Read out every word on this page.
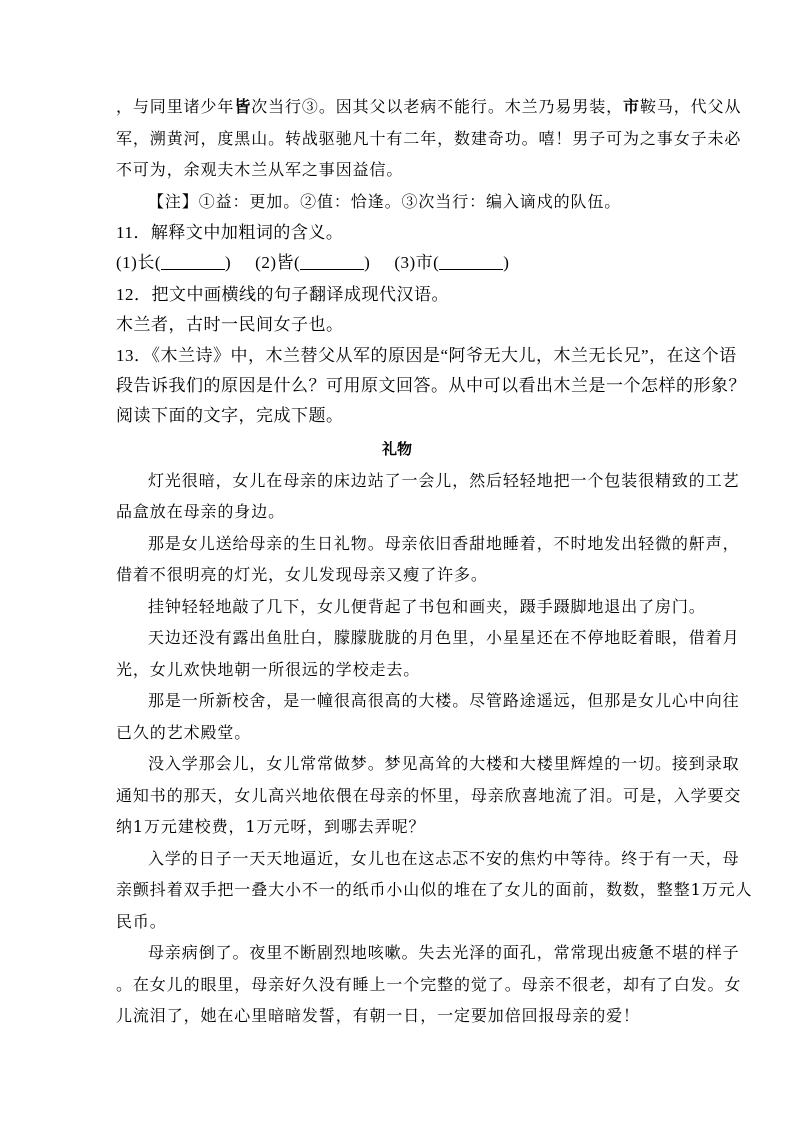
，与同里诸少年皆次当行③。因其父以老病不能行。木兰乃易男装，市鞍马，代父从
军，溯黄河，度黑山。转战驱驰凡十有二年，数建奇功。嘻！男子可为之事女子未必
不可为，余观夫木兰从军之事因益信。
【注】①益：更加。②值：恰逢。③次当行：编入谪戍的队伍。
11．解释文中加粗词的含义。
(1)长(	) (2)皆(	) (3)市(	)
12．把文中画横线的句子翻译成现代汉语。
木兰者，古时一民间女子也。
13．《木兰诗》中，木兰替父从军的原因是“阿爷无大儿，木兰无长兄”，在这个语
段告诉我们的原因是什么？可用原文回答。从中可以看出木兰是一个怎样的形象？
阅读下面的文字，完成下题。
礼物
灯光很暗，女儿在母亲的床边站了一会儿，然后轻轻地把一个包装很精致的工艺
品盒放在母亲的身边。
那是女儿送给母亲的生日礼物。母亲依旧香甜地睡着，不时地发出轻微的鼾声，
借着不很明亮的灯光，女儿发现母亲又瘦了许多。
挂钟轻轻地敲了几下，女儿便背起了书包和画夹，蹑手蹑脚地退出了房门。
天边还没有露出鱼肚白，朦朦胧胧的月色里，小星星还在不停地眨着眼，借着月
光，女儿欢快地朝一所很远的学校走去。
那是一所新校舍，是一幢很高很高的大楼。尽管路途遥远，但那是女儿心中向往
已久的艺术殿堂。
没入学那会儿，女儿常常做梦。梦见高耸的大楼和大楼里辉煌的一切。接到录取
通知书的那天，女儿高兴地依偎在母亲的怀里，母亲欣喜地流了泪。可是，入学要交
纳1万元建校费，1万元呀，到哪去弄呢？
入学的日子一天天地逼近，女儿也在这忐忑不安的焦灼中等待。终于有一天，母
亲颤抖着双手把一叠大小不一的纸币小山似的堆在了女儿的面前，数数，整整1万元人
民币。
母亲病倒了。夜里不断剧烈地咳嗽。失去光泽的面孔，常常现出疲惫不堪的样子
。在女儿的眼里，母亲好久没有睡上一个完整的觉了。母亲不很老，却有了白发。女
儿流泪了，她在心里暗暗发誓，有朝一日，一定要加倍回报母亲的爱！
